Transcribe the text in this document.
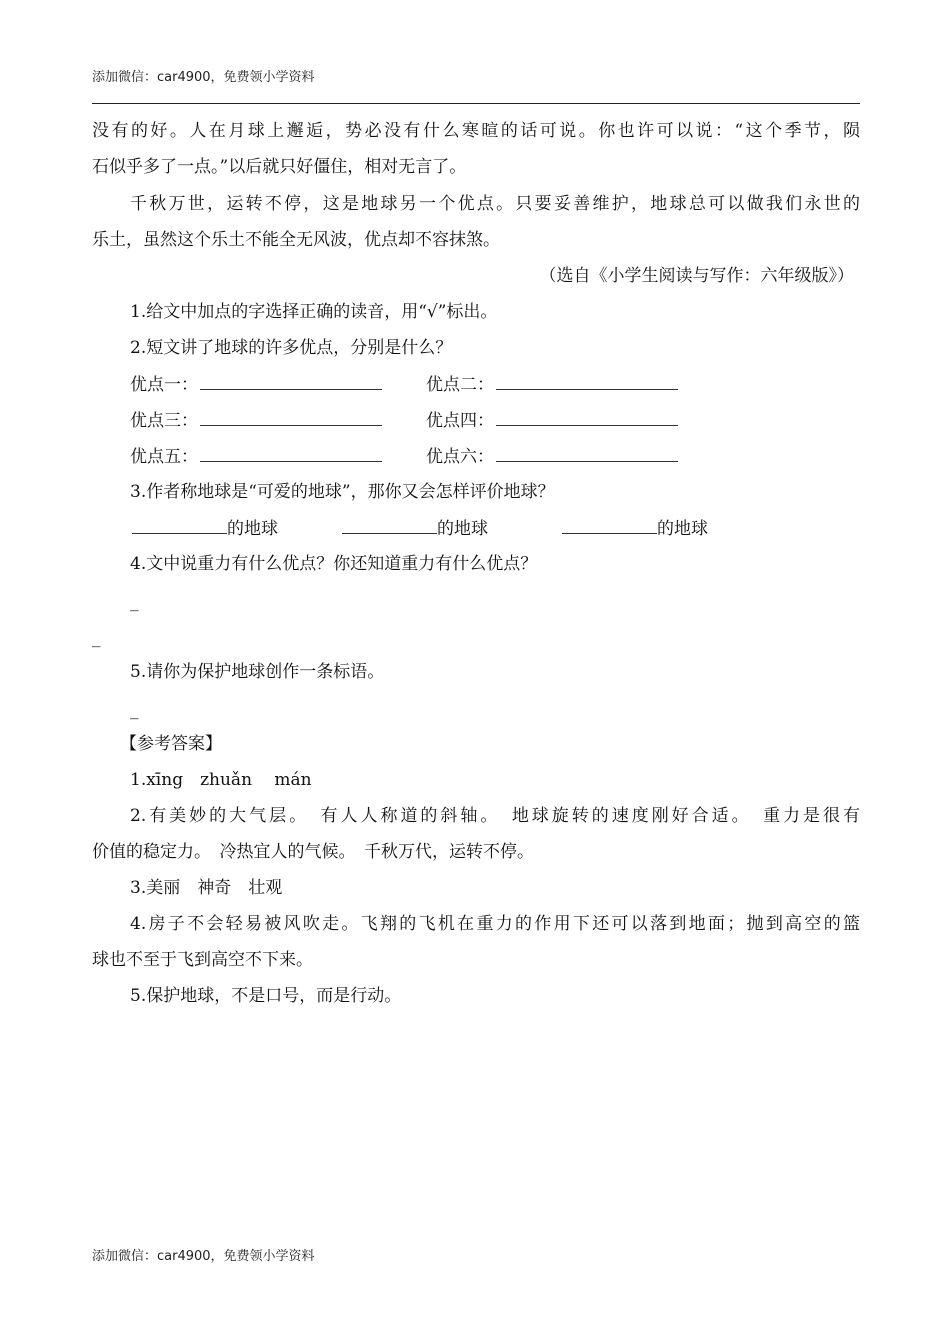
添加微信：car4900，免费领小学资料
没有的好。人在月球上邂逅，势必没有什么寒暄的话可说。你也许可以说：“这个季节，陨
石似乎多了一点。”以后就只好僵住，相对无言了。
千秋万世，运转不停，这是地球另一个优点。只要妥善维护，地球总可以做我们永世的
乐土，虽然这个乐土不能全无风波，优点却不容抹煞。
（选自《小学生阅读与写作：六年级版》）
1.给文中加点的字选择正确的读音，用“√”标出。
2.短文讲了地球的许多优点，分别是什么？
优点一：	优点二：
优点三：	优点四：
优点五：	优点六：
3.作者称地球是“可爱的地球”，那你又会怎样评价地球？
的地球	的地球	的地球
4.文中说重力有什么优点？你还知道重力有什么优点？
_
_
5.请你为保护地球创作一条标语。
_
【参考答案】
1.xīng　zhuǎn　 mán
2.有美妙的大气层。　有人人称道的斜轴。　地球旋转的速度刚好合适。　重力是很有
价值的稳定力。　冷热宜人的气候。　千秋万代，运转不停。
3.美丽　神奇　壮观
4.房子不会轻易被风吹走。飞翔的飞机在重力的作用下还可以落到地面；抛到高空的篮
球也不至于飞到高空不下来。
5.保护地球，不是口号，而是行动。
添加微信：car4900，免费领小学资料
